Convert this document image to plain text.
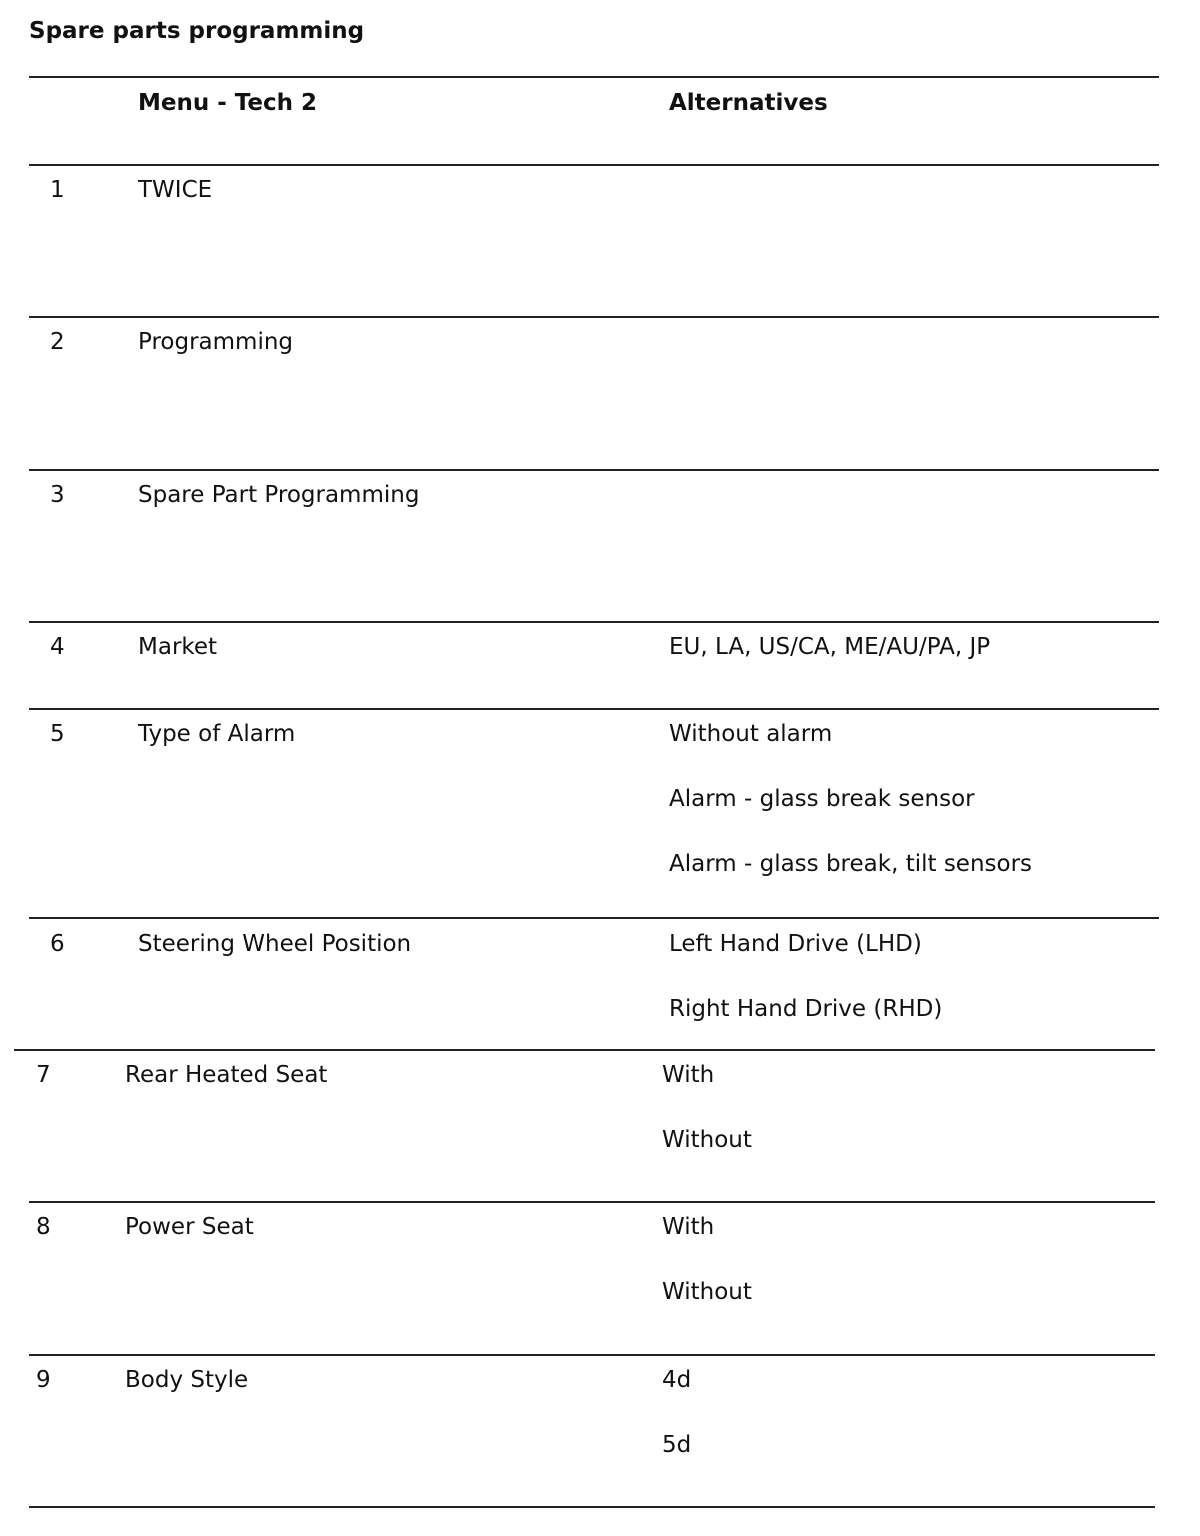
Spare parts programming
Menu - Tech 2	Alternatives
1	TWICE
2	Programming
3	Spare Part Programming
4	Market	EU, LA, US/CA, ME/AU/PA, JP
5	Type of Alarm	Without alarm
Alarm - glass break sensor
Alarm - glass break, tilt sensors
6	Steering Wheel Position	Left Hand Drive (LHD)
Right Hand Drive (RHD)
7	Rear Heated Seat	With
Without
8	Power Seat	With
Without
9	Body Style	4d
5d
